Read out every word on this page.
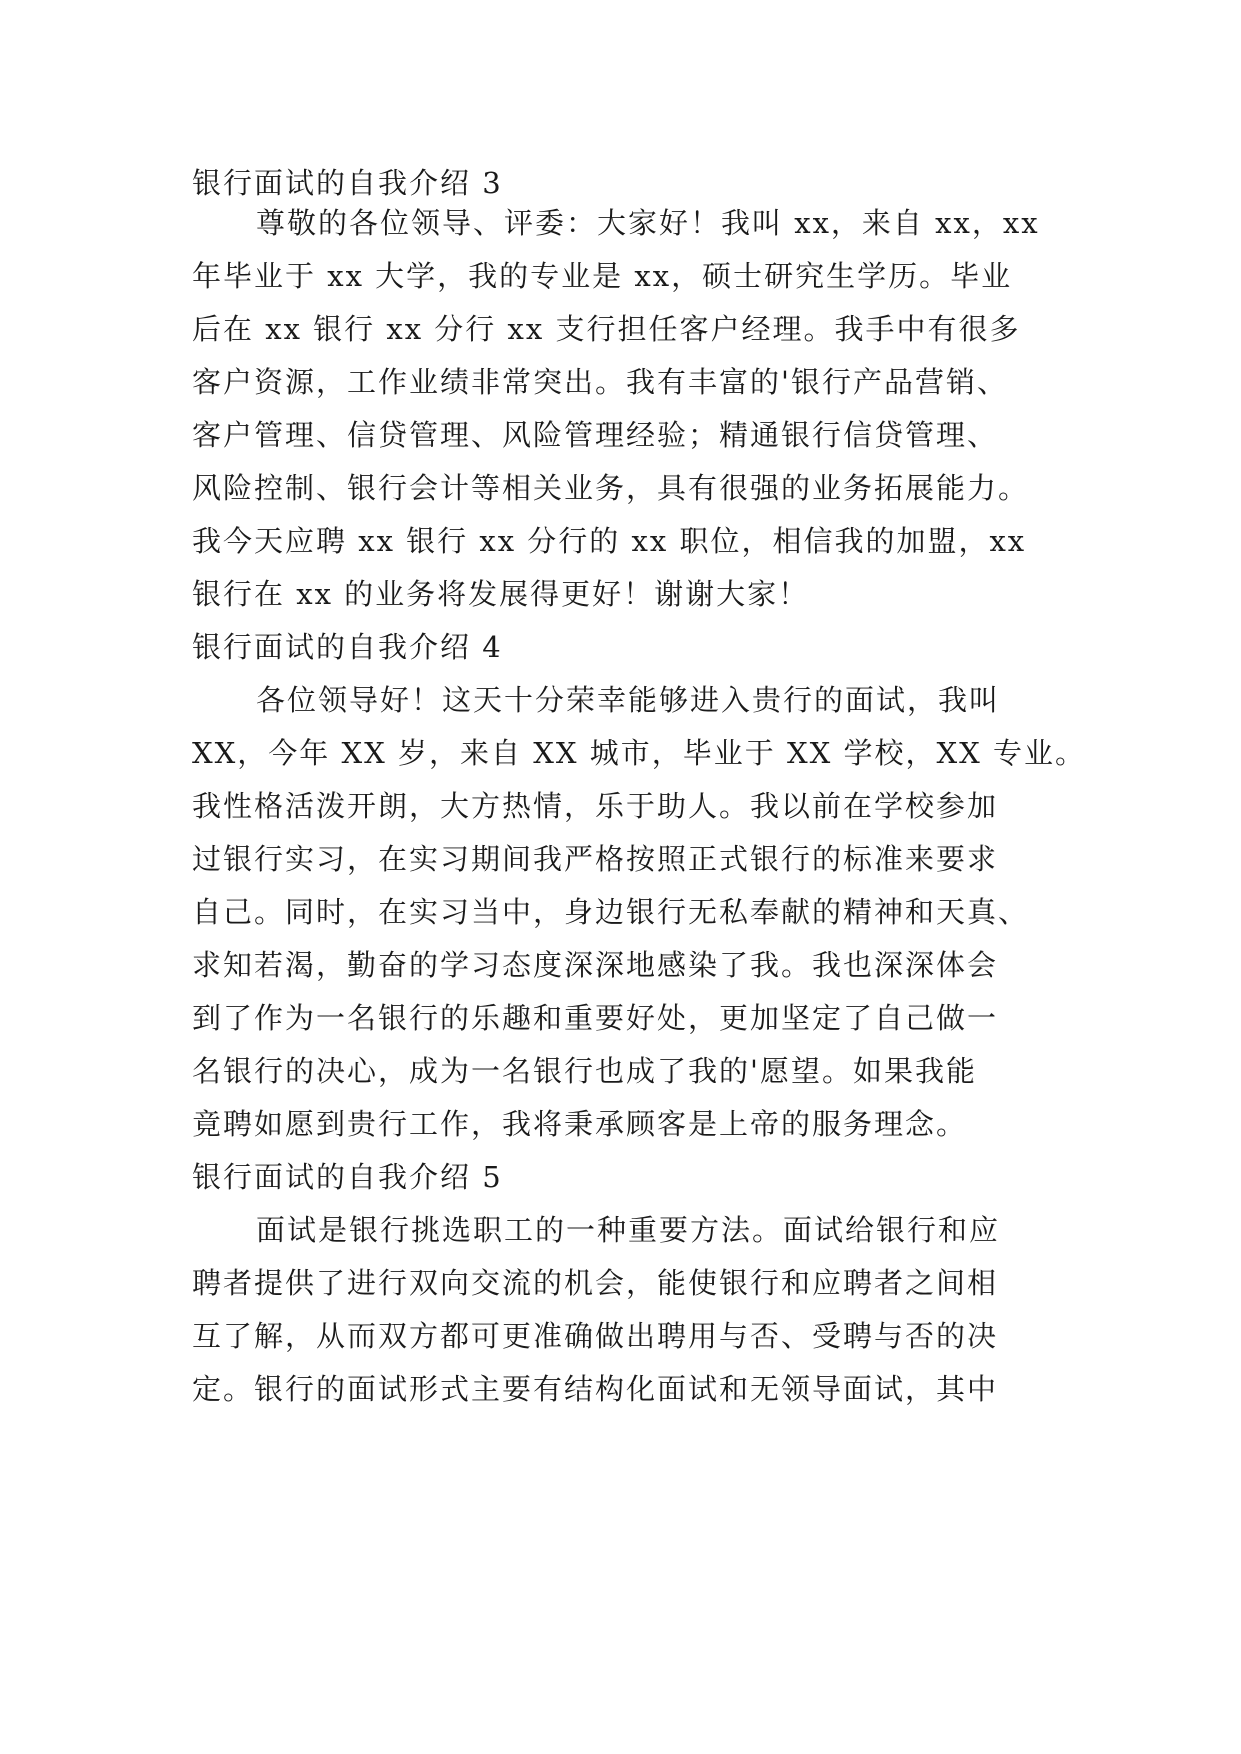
银行面试的自我介绍 3
尊敬的各位领导、评委：大家好！我叫 xx，来自 xx，xx
年毕业于 xx 大学，我的专业是 xx，硕士研究生学历。毕业
后在 xx 银行 xx 分行 xx 支行担任客户经理。我手中有很多
客户资源，工作业绩非常突出。我有丰富的'银行产品营销、
客户管理、信贷管理、风险管理经验；精通银行信贷管理、
风险控制、银行会计等相关业务，具有很强的业务拓展能力。
我今天应聘 xx 银行 xx 分行的 xx 职位，相信我的加盟，xx
银行在 xx 的业务将发展得更好！谢谢大家！
银行面试的自我介绍 4
各位领导好！这天十分荣幸能够进入贵行的面试，我叫
XX，今年 XX 岁，来自 XX 城市，毕业于 XX 学校，XX 专业。
我性格活泼开朗，大方热情，乐于助人。我以前在学校参加
过银行实习，在实习期间我严格按照正式银行的标准来要求
自己。同时，在实习当中，身边银行无私奉献的精神和天真、
求知若渴，勤奋的学习态度深深地感染了我。我也深深体会
到了作为一名银行的乐趣和重要好处，更加坚定了自己做一
名银行的决心，成为一名银行也成了我的'愿望。如果我能
竟聘如愿到贵行工作，我将秉承顾客是上帝的服务理念。
银行面试的自我介绍 5
面试是银行挑选职工的一种重要方法。面试给银行和应
聘者提供了进行双向交流的机会，能使银行和应聘者之间相
互了解，从而双方都可更准确做出聘用与否、受聘与否的决
定。银行的面试形式主要有结构化面试和无领导面试，其中
